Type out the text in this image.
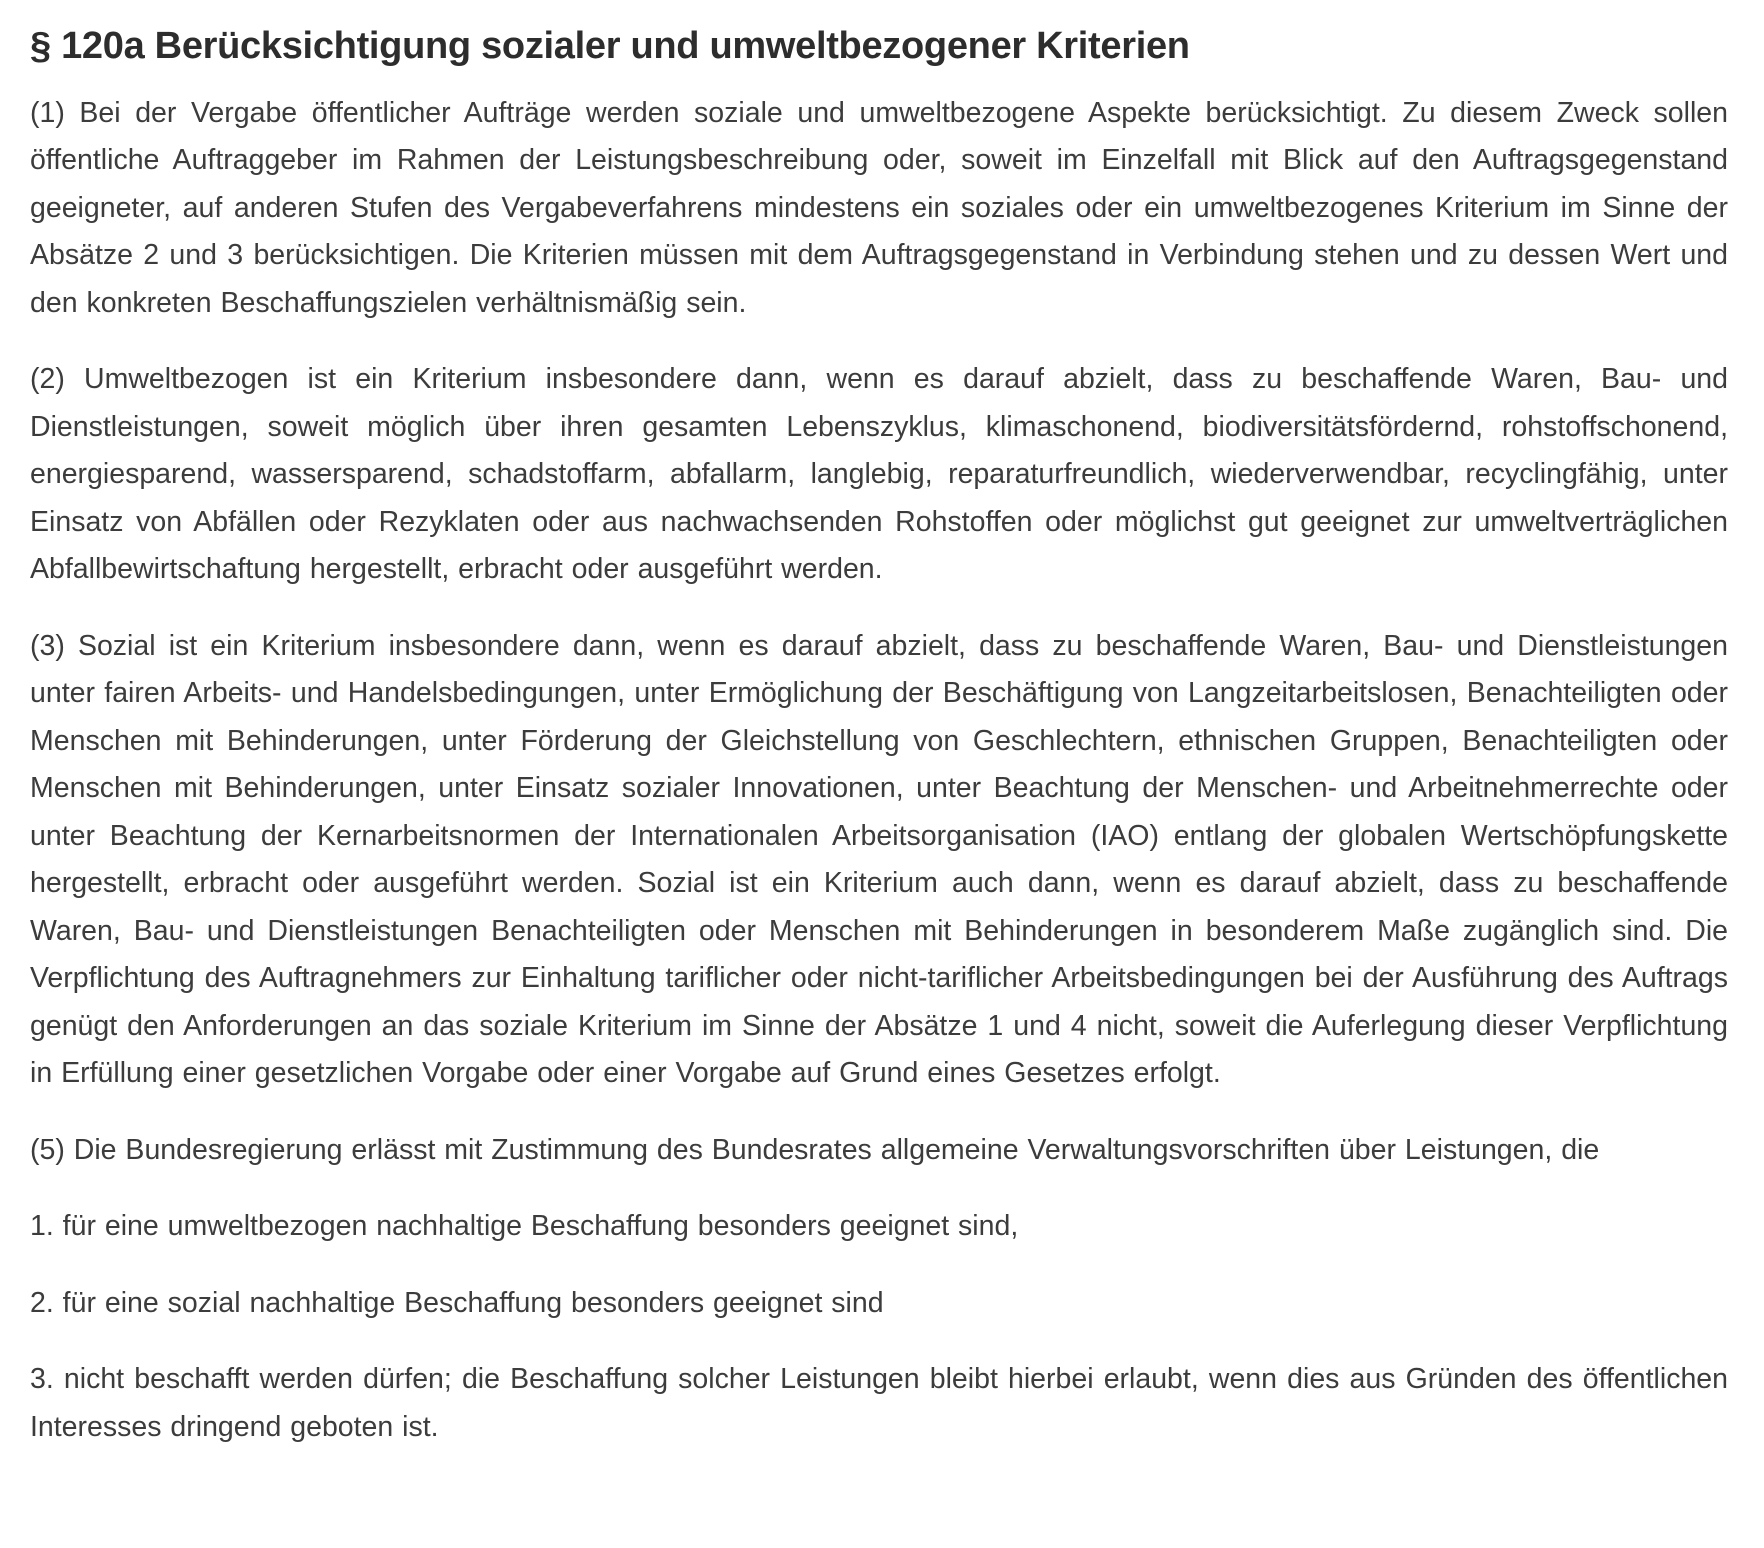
§ 120a Berücksichtigung sozialer und umweltbezogener Kriterien

(1) Bei der Vergabe öffentlicher Aufträge werden soziale und umweltbezogene Aspekte berücksichtigt. Zu diesem Zweck sollen öffentliche Auftraggeber im Rahmen der Leistungsbeschreibung oder, soweit im Einzelfall mit Blick auf den Auftragsgegenstand geeigneter, auf anderen Stufen des Vergabeverfahrens mindestens ein soziales oder ein umweltbezogenes Kriterium im Sinne der Absätze 2 und 3 berücksichtigen. Die Kriterien müssen mit dem Auftragsgegenstand in Verbindung stehen und zu dessen Wert und den konkreten Beschaffungszielen verhältnismäßig sein.

(2) Umweltbezogen ist ein Kriterium insbesondere dann, wenn es darauf abzielt, dass zu beschaffende Waren, Bau- und Dienstleistungen, soweit möglich über ihren gesamten Lebenszyklus, klimaschonend, biodiversitätsfördernd, rohstoffschonend, energiesparend, wassersparend, schadstoffarm, abfallarm, langlebig, reparaturfreundlich, wiederverwendbar, recyclingfähig, unter Einsatz von Abfällen oder Rezyklaten oder aus nachwachsenden Rohstoffen oder möglichst gut geeignet zur umweltverträglichen Abfallbewirtschaftung hergestellt, erbracht oder ausgeführt werden.

(3) Sozial ist ein Kriterium insbesondere dann, wenn es darauf abzielt, dass zu beschaffende Waren, Bau- und Dienstleistungen unter fairen Arbeits- und Handelsbedingungen, unter Ermöglichung der Beschäftigung von Langzeitarbeitslosen, Benachteiligten oder Menschen mit Behinderungen, unter Förderung der Gleichstellung von Geschlechtern, ethnischen Gruppen, Benachteiligten oder Menschen mit Behinderungen, unter Einsatz sozialer Innovationen, unter Beachtung der Menschen- und Arbeitnehmerrechte oder unter Beachtung der Kernarbeitsnormen der Internationalen Arbeitsorganisation (IAO) entlang der globalen Wertschöpfungskette hergestellt, erbracht oder ausgeführt werden. Sozial ist ein Kriterium auch dann, wenn es darauf abzielt, dass zu beschaffende Waren, Bau- und Dienstleistungen Benachteiligten oder Menschen mit Behinderungen in besonderem Maße zugänglich sind. Die Verpflichtung des Auftragnehmers zur Einhaltung tariflicher oder nicht-tariflicher Arbeitsbedingungen bei der Ausführung des Auftrags genügt den Anforderungen an das soziale Kriterium im Sinne der Absätze 1 und 4 nicht, soweit die Auferlegung dieser Verpflichtung in Erfüllung einer gesetzlichen Vorgabe oder einer Vorgabe auf Grund eines Gesetzes erfolgt.

(5) Die Bundesregierung erlässt mit Zustimmung des Bundesrates allgemeine Verwaltungsvorschriften über Leistungen, die

1. für eine umweltbezogen nachhaltige Beschaffung besonders geeignet sind,

2. für eine sozial nachhaltige Beschaffung besonders geeignet sind

3. nicht beschafft werden dürfen; die Beschaffung solcher Leistungen bleibt hierbei erlaubt, wenn dies aus Gründen des öffentlichen Interesses dringend geboten ist.
